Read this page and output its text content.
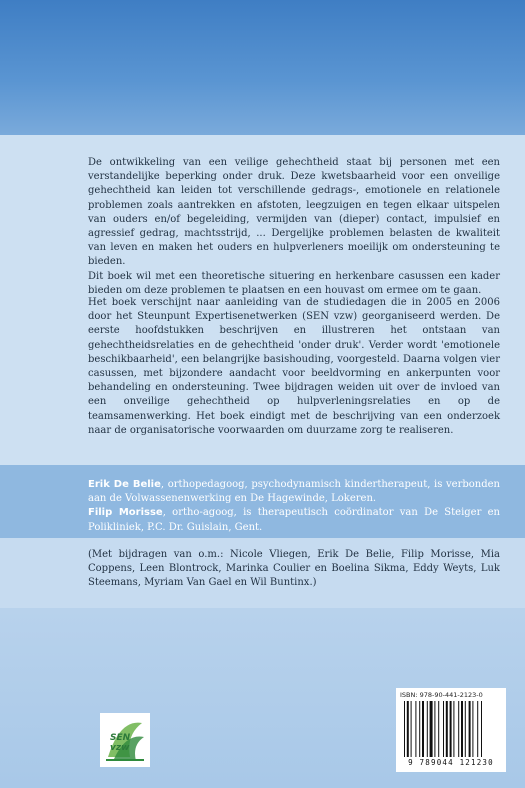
De ontwikkeling van een veilige gehechtheid staat bij personen met een verstandelijke beperking onder druk. Deze kwetsbaarheid voor een onveilige gehechtheid kan leiden tot verschillende gedrags-, emotionele en relationele problemen zoals aantrekken en afstoten, leegzuigen en tegen elkaar uitspelen van ouders en/of begeleiding, vermijden van (dieper) contact, impulsief en agressief gedrag, machtsstrijd, ... Dergelijke problemen belasten de kwaliteit van leven en maken het ouders en hulpverleners moeilijk om ondersteuning te bieden.
Dit boek wil met een theoretische situering en herkenbare casussen een kader bieden om deze problemen te plaatsen en een houvast om ermee om te gaan.

Het boek verschijnt naar aanleiding van de studiedagen die in 2005 en 2006 door het Steunpunt Expertisenetwerken (SEN vzw) georganiseerd werden. De eerste hoofdstukken beschrijven en illustreren het ontstaan van gehechtheidsrelaties en de gehechtheid 'onder druk'. Verder wordt 'emotionele beschikbaarheid', een belangrijke basishouding, voorgesteld. Daarna volgen vier casussen, met bijzondere aandacht voor beeldvorming en ankerpunten voor behandeling en ondersteuning. Twee bijdragen weiden uit over de invloed van een onveilige gehechtheid op hulpverleningsrelaties en op de teamsamenwerking. Het boek eindigt met de beschrijving van een onderzoek naar de organisatorische voorwaarden om duurzame zorg te realiseren.

Erik De Belie, orthopedagoog, psychodynamisch kindertherapeut, is verbonden aan de Volwassenenwerking en De Hagewinde, Lokeren.
Filip Morisse, ortho-agoog, is therapeutisch coördinator van De Steiger en Polikliniek, P.C. Dr. Guislain, Gent.

(Met bijdragen van o.m.: Nicole Vliegen, Erik De Belie, Filip Morisse, Mia Coppens, Leen Blontrock, Marinka Coulier en Boelina Sikma, Eddy Weyts, Luk Steemans, Myriam Van Gael en Wil Buntinx.)

SEN vzw
ISBN: 978-90-441-2123-0
9 789044 121230
